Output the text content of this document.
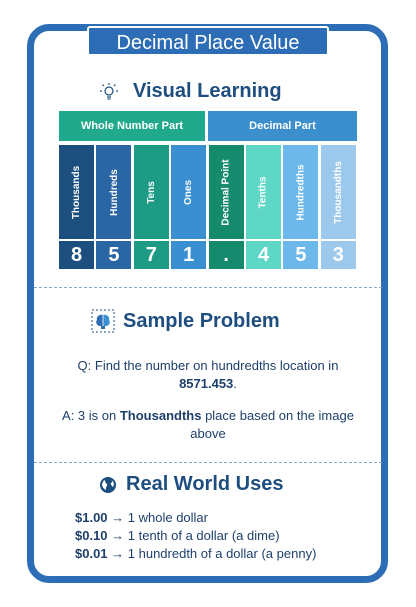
Decimal Place Value
Visual Learning
Whole Number Part	Decimal Part
Thousands	Hundreds	Tens	Ones	Decimal Point	Tenths	Hundredths	Thousandths
8	5	7	1	.	4	5	3
Sample Problem
Q: Find the number on hundredths location in 8571.453.
A: 3 is on Thousandths place based on the image above
Real World Uses
$1.00 → 1 whole dollar
$0.10 → 1 tenth of a dollar (a dime)
$0.01 → 1 hundredth of a dollar (a penny)
